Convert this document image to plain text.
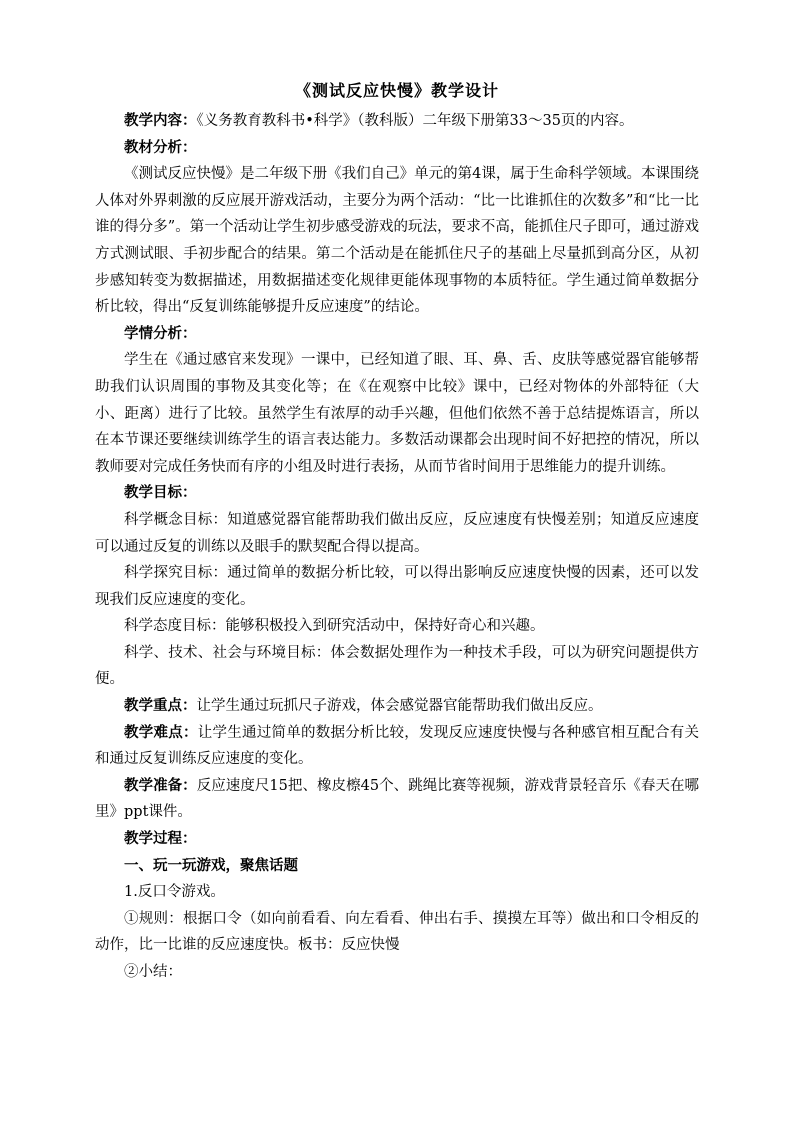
《测试反应快慢》教学设计

教学内容：《义务教育教科书•科学》（教科版）二年级下册第33～35页的内容。

教材分析：

《测试反应快慢》是二年级下册《我们自己》单元的第4课，属于生命科学领域。本课围绕人体对外界刺激的反应展开游戏活动，主要分为两个活动：“比一比谁抓住的次数多”和“比一比谁的得分多”。第一个活动让学生初步感受游戏的玩法，要求不高，能抓住尺子即可，通过游戏方式测试眼、手初步配合的结果。第二个活动是在能抓住尺子的基础上尽量抓到高分区，从初步感知转变为数据描述，用数据描述变化规律更能体现事物的本质特征。学生通过简单数据分析比较，得出“反复训练能够提升反应速度”的结论。

学情分析：

学生在《通过感官来发现》一课中，已经知道了眼、耳、鼻、舌、皮肤等感觉器官能够帮助我们认识周围的事物及其变化等；在《在观察中比较》课中，已经对物体的外部特征（大小、距离）进行了比较。虽然学生有浓厚的动手兴趣，但他们依然不善于总结提炼语言，所以在本节课还要继续训练学生的语言表达能力。多数活动课都会出现时间不好把控的情况，所以教师要对完成任务快而有序的小组及时进行表扬，从而节省时间用于思维能力的提升训练。

教学目标：

科学概念目标：知道感觉器官能帮助我们做出反应，反应速度有快慢差别；知道反应速度可以通过反复的训练以及眼手的默契配合得以提高。

科学探究目标：通过简单的数据分析比较，可以得出影响反应速度快慢的因素，还可以发现我们反应速度的变化。

科学态度目标：能够积极投入到研究活动中，保持好奇心和兴趣。

科学、技术、社会与环境目标：体会数据处理作为一种技术手段，可以为研究问题提供方便。

教学重点：让学生通过玩抓尺子游戏，体会感觉器官能帮助我们做出反应。

教学难点：让学生通过简单的数据分析比较，发现反应速度快慢与各种感官相互配合有关和通过反复训练反应速度的变化。

教学准备：反应速度尺15把、橡皮檫45个、跳绳比赛等视频，游戏背景轻音乐《春天在哪里》ppt课件。

教学过程：

一、玩一玩游戏，聚焦话题

1.反口令游戏。

①规则：根据口令（如向前看看、向左看看、伸出右手、摸摸左耳等）做出和口令相反的动作，比一比谁的反应速度快。板书：反应快慢

②小结：
